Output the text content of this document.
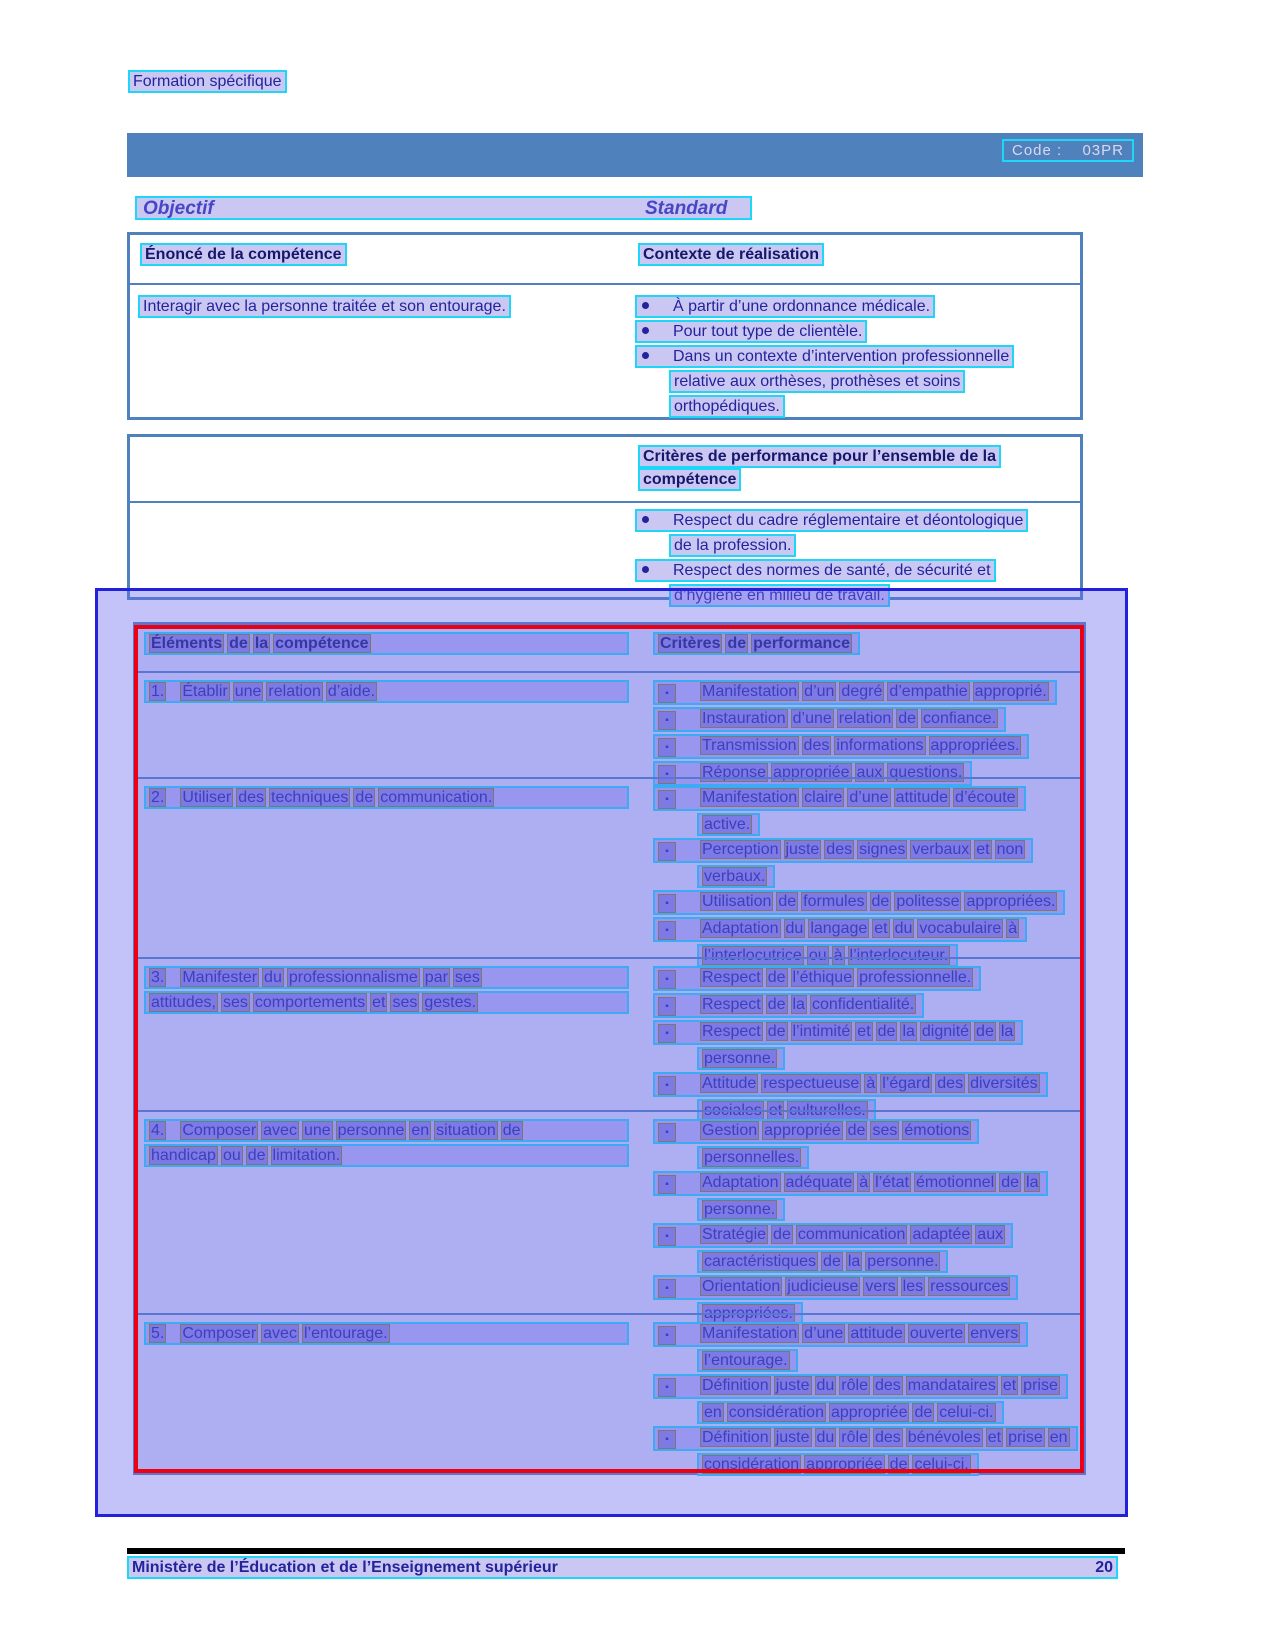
Formation spécifique
Code : 03PR
Objectif	Standard
Énoncé de la compétence	Contexte de réalisation
Interagir avec la personne traitée et son entourage.	À partir d’une ordonnance médicale.
Pour tout type de clientèle.
Dans un contexte d’intervention professionnelle
relative aux orthèses, prothèses et soins
orthopédiques.
Critères de performance pour l’ensemble de la
compétence
Respect du cadre réglementaire et déontologique
de la profession.
Respect des normes de santé, de sécurité et
d’hygiène en milieu de travail.
Éléments de la compétence	Critères de performance
1. Établir une relation d’aide.	▪ Manifestation d’un degré d’empathie approprié.
▪ Instauration d’une relation de confiance.
▪ Transmission des informations appropriées.
▪ Réponse appropriée aux questions.
2. Utiliser des techniques de communication.	▪ Manifestation claire d’une attitude d’écoute
active.
▪ Perception juste des signes verbaux et non
verbaux.
▪ Utilisation de formules de politesse appropriées.
▪ Adaptation du langage et du vocabulaire à
l’interlocutrice ou à l’interlocuteur.
3. Manifester du professionnalisme par ses
attitudes, ses comportements et ses gestes.
▪ Respect de l’éthique professionnelle.
▪ Respect de la confidentialité.
▪ Respect de l’intimité et de la dignité de la
personne.
▪ Attitude respectueuse à l’égard des diversités
sociales et culturelles.
4. Composer avec une personne en situation de
handicap ou de limitation.
▪ Gestion appropriée de ses émotions
personnelles.
▪ Adaptation adéquate à l’état émotionnel de la
personne.
▪ Stratégie de communication adaptée aux
caractéristiques de la personne.
▪ Orientation judicieuse vers les ressources
appropriées.
5. Composer avec l’entourage.	▪ Manifestation d’une attitude ouverte envers
l’entourage.
▪ Définition juste du rôle des mandataires et prise
en considération appropriée de celui-ci.
▪ Définition juste du rôle des bénévoles et prise en
considération appropriée de celui-ci.
Ministère de l’Éducation et de l’Enseignement supérieur	20
